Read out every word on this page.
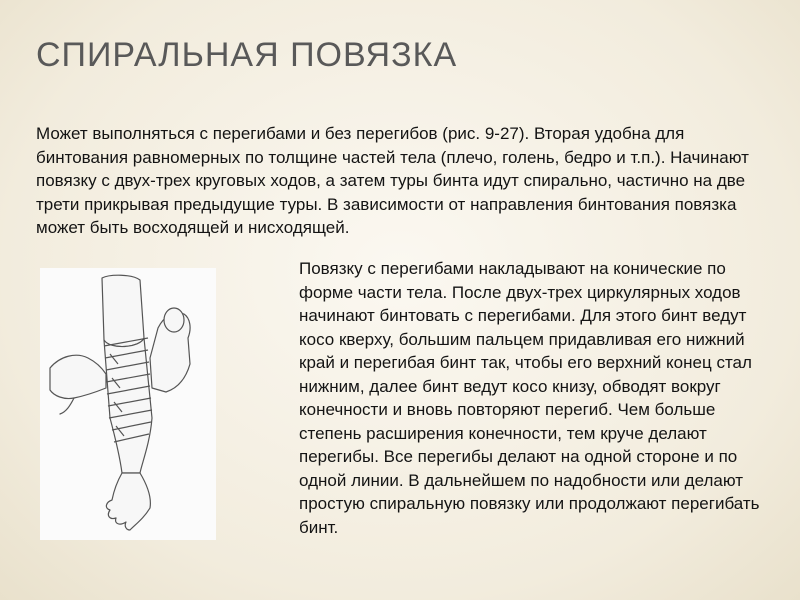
СПИРАЛЬНАЯ ПОВЯЗКА

Может выполняться с перегибами и без перегибов (рис. 9-27). Вторая удобна для бинтования равномерных по толщине частей тела (плечо, голень, бедро и т.п.). Начинают повязку с двух-трех круговых ходов, а затем туры бинта идут спирально, частично на две трети прикрывая предыдущие туры. В зависимости от направления бинтования повязка может быть восходящей и нисходящей.

Повязку с перегибами накладывают на конические по форме части тела. После двух-трех циркулярных ходов начинают бинтовать с перегибами. Для этого бинт ведут косо кверху, большим пальцем придавливая его нижний край и перегибая бинт так, чтобы его верхний конец стал нижним, далее бинт ведут косо книзу, обводят вокруг конечности и вновь повторяют перегиб. Чем больше степень расширения конечности, тем круче делают перегибы. Все перегибы делают на одной стороне и по одной линии. В дальнейшем по надобности или делают простую спиральную повязку или продолжают перегибать бинт.
